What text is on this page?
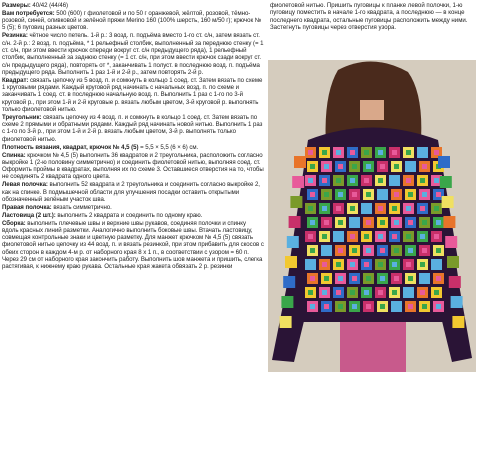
Размеры: 40/42 (44/46)

Вам потребуется: 500 (600) г фиолетовой и по 50 г оранжевой, жёлтой, розовой, тёмно-розовой, синей, оливковой и зелёной пряжи Merino 160 (100% шерсть, 160 м/50 г); крючок № 5 (5); 6 пуговиц разных цветов.

Резинка: чётное число петель. 1-й р.: 3 возд. п. подъёма вместо 1-го ст. с/н, затем вязать ст. с/н. 2-й р.: 2 возд. п. подъёма, * 1 рельефный столбик, выполненный за переднюю стенку (= 1 ст. с/н, при этом ввести крючок спереди вокруг ст. с/н предыдущего ряда), 1 рельефный столбик, выполненный за заднюю стенку (= 1 ст. с/н, при этом ввести крючок сзади вокруг ст. с/н предыдущего ряда), повторять от *, заканчивать 1 полуст. в последнюю возд. п. подъёма предыдущего ряда. Выполнить 1 раз 1-й и 2-й р., затем повторять 2-й р.

Квадрат: связать цепочку из 5 возд. п. и сомкнуть в кольцо 1 соед. ст. Затем вязать по схеме 1 круговыми рядами. Каждый круговой ряд начинать с начальных возд. п. по схеме и заканчивать 1 соед. ст. в последнюю начальную возд. п. Выполнить 1 раз с 1-го по 3-й круговой р., при этом 1-й и 2-й круговые р. вязать любым цветом, 3-й круговой р. выполнять только фиолетовой нитью.

Треугольник: связать цепочку из 4 возд. п. и сомкнуть в кольцо 1 соед. ст. Затем вязать по схеме 2 прямыми и обратными рядами. Каждый ряд начинать новой нитью. Выполнить 1 раз с 1-го по 3-й р., при этом 1-й и 2-й р. вязать любым цветом, 3-й р. выполнять только фиолетовой нитью.

Плотность вязания, квадрат, крючок № 4,5 (5) = 5,5 × 5,5 (6 × 6) см.

Спинка: крючком № 4,5 (5) выполнить 36 квадратов и 2 треугольника, расположить согласно выкройке 1 (2-ю половину симметрично) и соединить фиолетовой нитью, выполняя соед. ст. Оформить проймы в квадратах, выполняя их по схеме 3. Оставшиеся отверстия на то, чтобы не соединять 2 квадрата одного цвета.

Левая полочка: выполнить 52 квадрата и 2 треугольника и соединить согласно выкройке 2, как на спинке. В подмышечной области для улучшения посадки оставить открытыми обозначенный зелёным участок шва.

Правая полочка: вязать симметрично.

Ластовица (2 шт.): выполнить 2 квадрата и соединить по одному краю.

Сборка: выполнить плечевые швы и верхние швы рукавов, соединяя полочки и спинку вдоль красных линий разметки. Аналогично выполнить боковые швы. Втачать ластовицу, совмещая контрольные знаки и цветную разметку. Для манжет крючком № 4,5 (5) связать фиолетовой нитью цепочку из 44 возд. п. и вязать резинкой, при этом прибавить для скосов с обеих сторон в каждом 4-м р. от наборного края 8 х 1 п., в соответствии с узором = 60 п. Через 29 см от наборного края закончить работу. Выполнить шов манжета и пришить, слегка растягивая, к нижнему краю рукава. Остальные края жакета обвязать 2 р. резинки

фиолетовой нитью. Пришить пуговицы к планке левой полочки, 1-ю пуговицу поместить в начале 1-го квадрата, а последнюю — в конце последнего квадрата, остальные пуговицы расположить между ними. Застегнуть пуговицы через отверстия узора.
